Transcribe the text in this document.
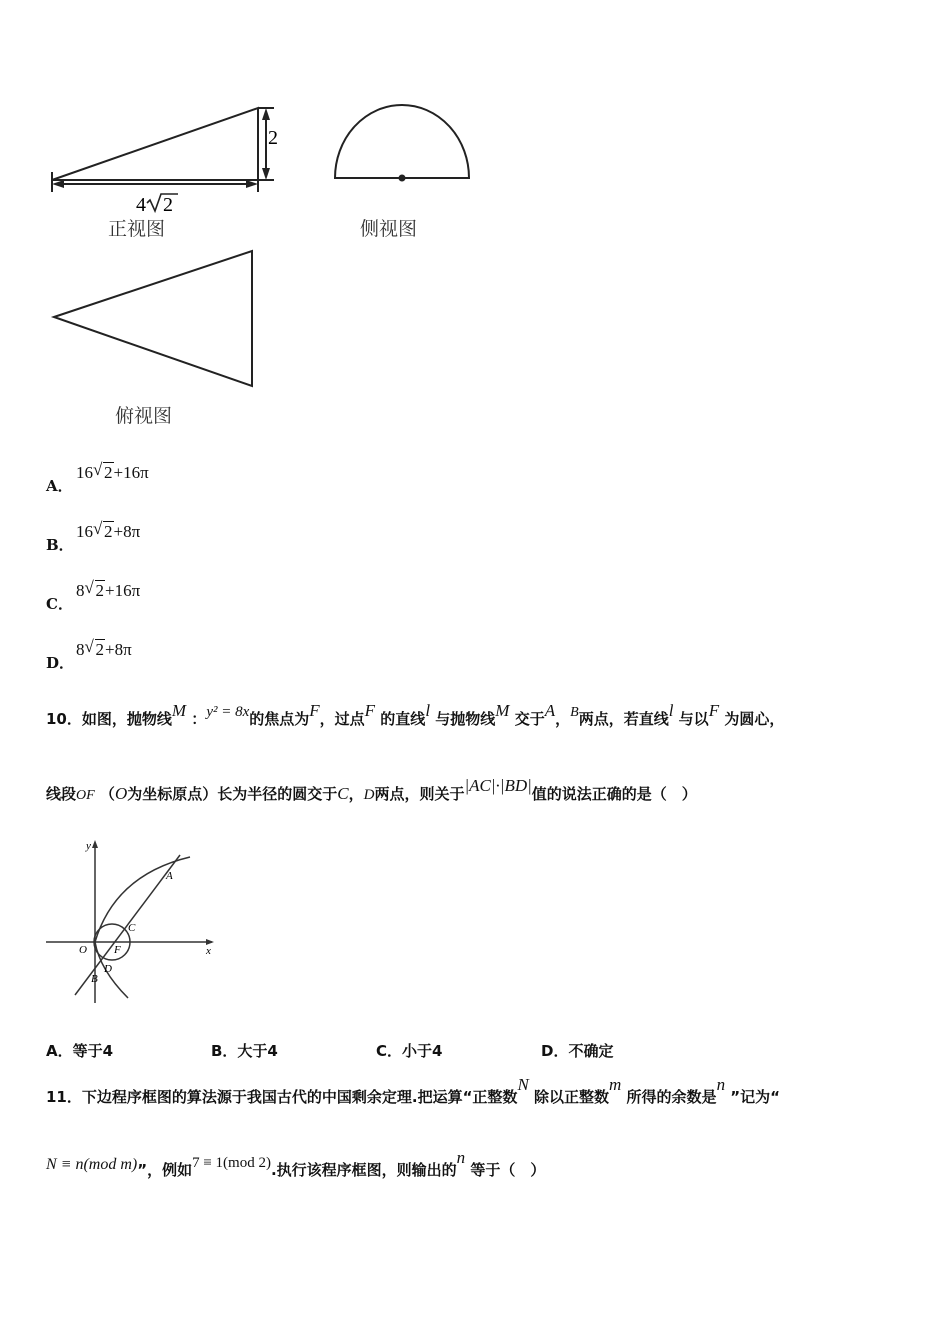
2
4 2
正视图	侧视图
俯视图
A．
16 √ 2+16π
B．
16 √ 2+8π
C．
8 √ 2+16π
D．
8 √ 2+8π
10．如图，抛物线M ：y² = 8x的焦点为F，过点F 的直线l 与抛物线M 交于A，B两点，若直线l 与以F 为圆心，
线段OF （O为坐标原点）长为半径的圆交于C，D两点，则关于|AC|·|BD|值的说法正确的是（　）
y
x
O F
A
C
D
B
A．等于4	B．大于4	C．小于4	D．不确定
11．下边程序框图的算法源于我国古代的中国剩余定理.把运算“正整数N 除以正整数m 所得的余数是n ”记为“
N ≡ n(mod m)”，例如7 ≡ 1(mod 2).执行该程序框图，则输出的n 等于（　）
